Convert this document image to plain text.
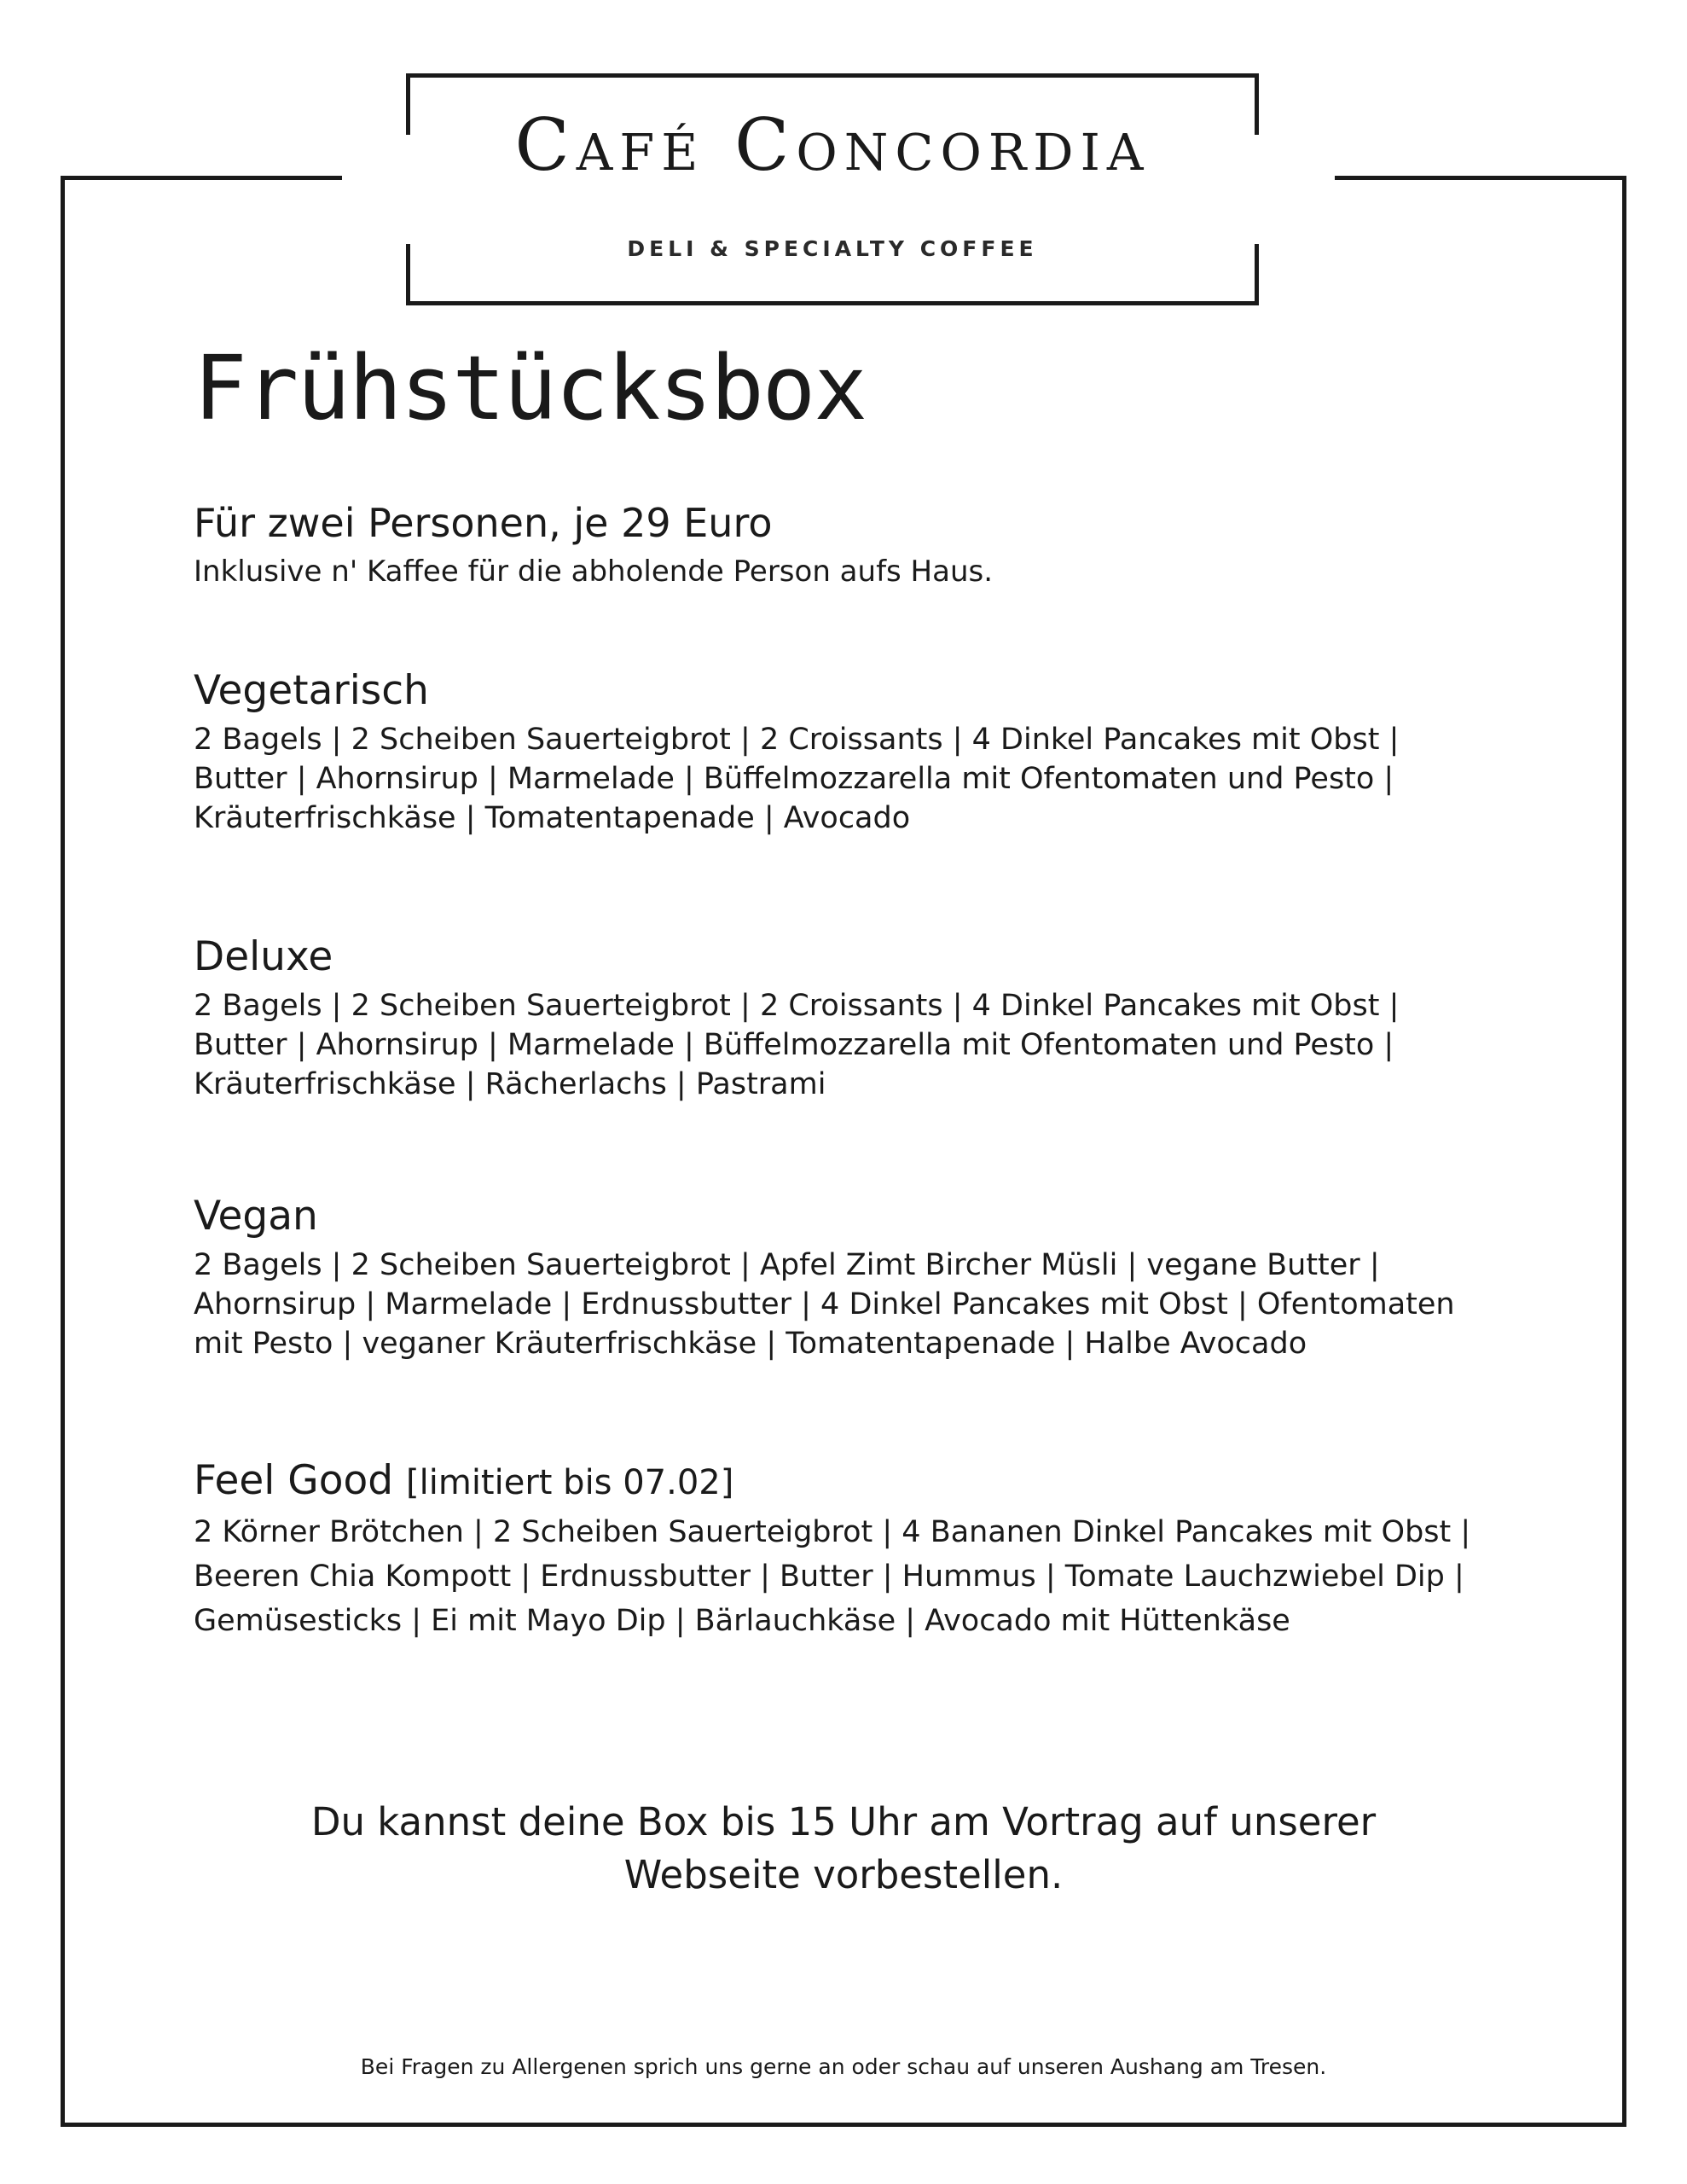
Café Concordia
DELI & SPECIALTY COFFEE
Frühstücksbox
Für zwei Personen, je 29 Euro
Inklusive n' Kaffee für die abholende Person aufs Haus.
Vegetarisch
2 Bagels | 2 Scheiben Sauerteigbrot | 2 Croissants | 4 Dinkel Pancakes mit Obst |
Butter | Ahornsirup | Marmelade | Büffelmozzarella mit Ofentomaten und Pesto |
Kräuterfrischkäse | Tomatentapenade | Avocado
Deluxe
2 Bagels | 2 Scheiben Sauerteigbrot | 2 Croissants | 4 Dinkel Pancakes mit Obst |
Butter | Ahornsirup | Marmelade | Büffelmozzarella mit Ofentomaten und Pesto |
Kräuterfrischkäse | Rächerlachs | Pastrami
Vegan
2 Bagels | 2 Scheiben Sauerteigbrot | Apfel Zimt Bircher Müsli | vegane Butter |
Ahornsirup | Marmelade | Erdnussbutter | 4 Dinkel Pancakes mit Obst | Ofentomaten
mit Pesto | veganer Kräuterfrischkäse | Tomatentapenade | Halbe Avocado
Feel Good [limitiert bis 07.02]
2 Körner Brötchen | 2 Scheiben Sauerteigbrot | 4 Bananen Dinkel Pancakes mit Obst |
Beeren Chia Kompott | Erdnussbutter | Butter | Hummus | Tomate Lauchzwiebel Dip |
Gemüsesticks | Ei mit Mayo Dip | Bärlauchkäse | Avocado mit Hüttenkäse
Du kannst deine Box bis 15 Uhr am Vortrag auf unserer
Webseite vorbestellen.
Bei Fragen zu Allergenen sprich uns gerne an oder schau auf unseren Aushang am Tresen.
